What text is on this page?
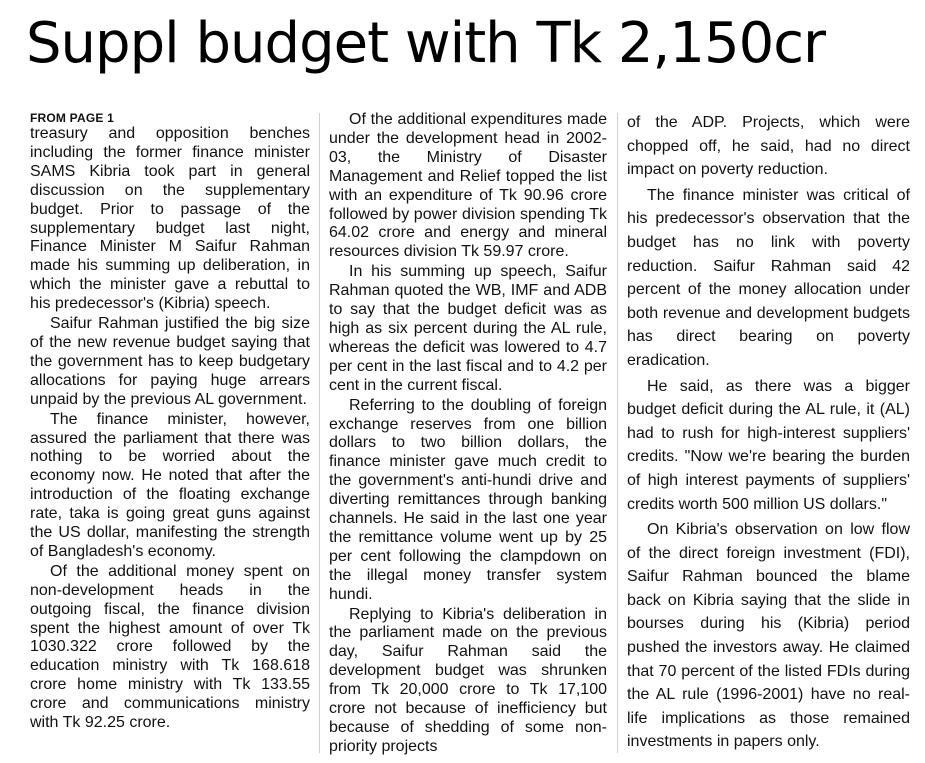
Suppl budget with Tk 2,150cr
FROM PAGE 1

treasury and opposition benches including the former finance minister SAMS Kibria took part in general discussion on the supplementary budget. Prior to passage of the supplementary budget last night, Finance Minister M Saifur Rahman made his summing up deliberation, in which the minister gave a rebuttal to his predecessor's (Kibria) speech.

Saifur Rahman justified the big size of the new revenue budget saying that the government has to keep budgetary allocations for paying huge arrears unpaid by the previous AL government.

The finance minister, however, assured the parliament that there was nothing to be worried about the economy now. He noted that after the introduction of the floating exchange rate, taka is going great guns against the US dollar, manifesting the strength of Bangladesh's economy.

Of the additional money spent on non-development heads in the outgoing fiscal, the finance division spent the highest amount of over Tk 1030.322 crore followed by the education ministry with Tk 168.618 crore home ministry with Tk 133.55 crore and communications ministry with Tk 92.25 crore.

Of the additional expenditures made under the development head in 2002-03, the Ministry of Disaster Management and Relief topped the list with an expenditure of Tk 90.96 crore followed by power division spending Tk 64.02 crore and energy and mineral resources division Tk 59.97 crore.

In his summing up speech, Saifur Rahman quoted the WB, IMF and ADB to say that the budget deficit was as high as six percent during the AL rule, whereas the deficit was lowered to 4.7 per cent in the last fiscal and to 4.2 per cent in the current fiscal.

Referring to the doubling of foreign exchange reserves from one billion dollars to two billion dollars, the finance minister gave much credit to the government's anti-hundi drive and diverting remittances through banking channels. He said in the last one year the remittance volume went up by 25 per cent following the clampdown on the illegal money transfer system hundi.

Replying to Kibria's deliberation in the parliament made on the previous day, Saifur Rahman said the development budget was shrunken from Tk 20,000 crore to Tk 17,100 crore not because of inefficiency but because of shedding of some non-priority projects

of the ADP. Projects, which were chopped off, he said, had no direct impact on poverty reduction.

The finance minister was critical of his predecessor's observation that the budget has no link with poverty reduction. Saifur Rahman said 42 percent of the money allocation under both revenue and development budgets has direct bearing on poverty eradication.

He said, as there was a bigger budget deficit during the AL rule, it (AL) had to rush for high-interest suppliers' credits. "Now we're bearing the burden of high interest payments of suppliers' credits worth 500 million US dollars."

On Kibria's observation on low flow of the direct foreign investment (FDI), Saifur Rahman bounced the blame back on Kibria saying that the slide in bourses during his (Kibria) period pushed the investors away. He claimed that 70 percent of the listed FDIs during the AL rule (1996-2001) have no real-life implications as those remained investments in papers only.
